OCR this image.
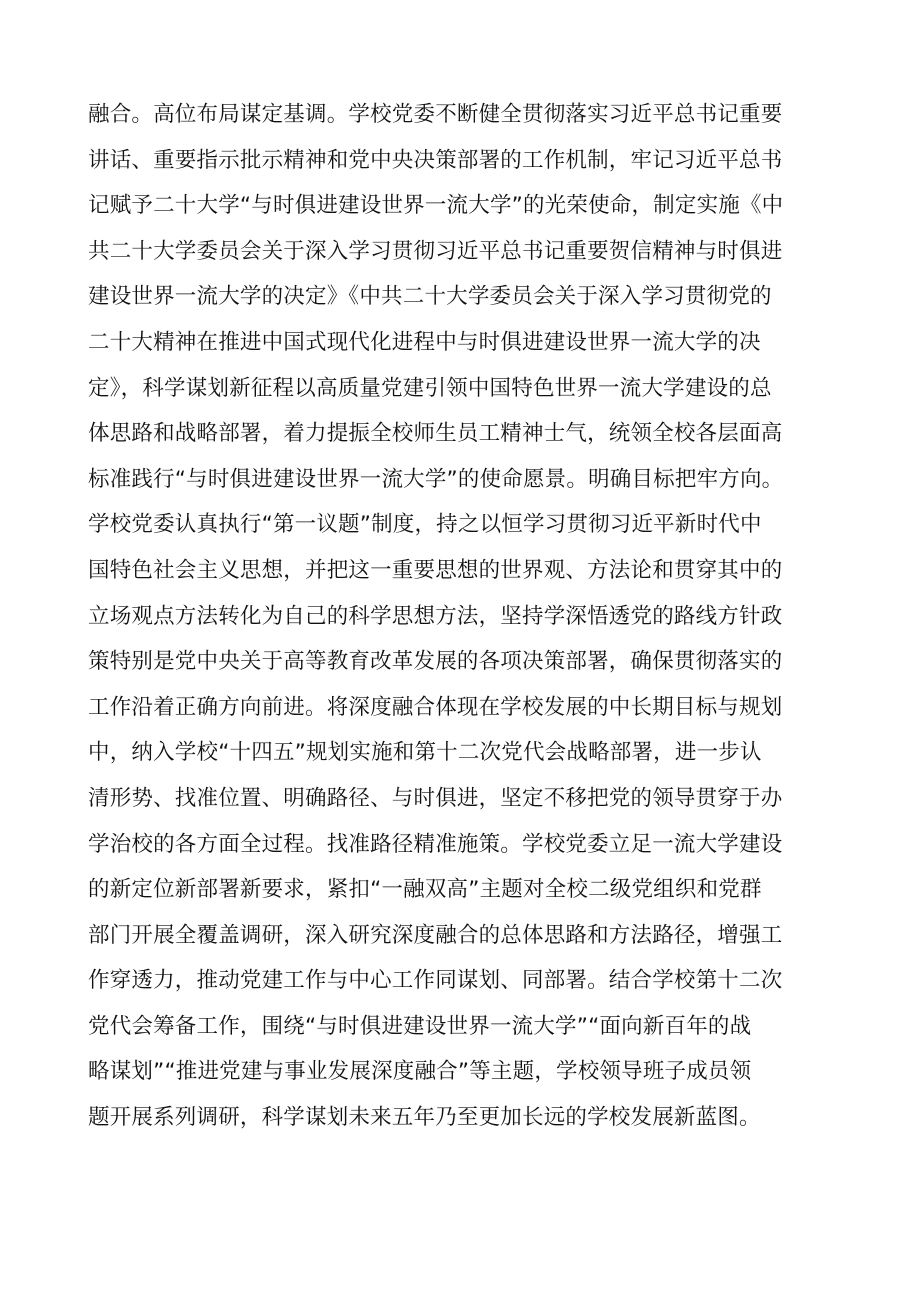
融合。高位布局谋定基调。学校党委不断健全贯彻落实习近平总书记重要
讲话、重要指示批示精神和党中央决策部署的工作机制，牢记习近平总书
记赋予二十大学“与时俱进建设世界一流大学”的光荣使命，制定实施《中
共二十大学委员会关于深入学习贯彻习近平总书记重要贺信精神与时俱进
建设世界一流大学的决定》《中共二十大学委员会关于深入学习贯彻党的
二十大精神在推进中国式现代化进程中与时俱进建设世界一流大学的决
定》，科学谋划新征程以高质量党建引领中国特色世界一流大学建设的总
体思路和战略部署，着力提振全校师生员工精神士气，统领全校各层面高
标准践行“与时俱进建设世界一流大学”的使命愿景。明确目标把牢方向。
学校党委认真执行“第一议题”制度，持之以恒学习贯彻习近平新时代中
国特色社会主义思想，并把这一重要思想的世界观、方法论和贯穿其中的
立场观点方法转化为自己的科学思想方法，坚持学深悟透党的路线方针政
策特别是党中央关于高等教育改革发展的各项决策部署，确保贯彻落实的
工作沿着正确方向前进。将深度融合体现在学校发展的中长期目标与规划
中，纳入学校“十四五”规划实施和第十二次党代会战略部署，进一步认
清形势、找准位置、明确路径、与时俱进，坚定不移把党的领导贯穿于办
学治校的各方面全过程。找准路径精准施策。学校党委立足一流大学建设
的新定位新部署新要求，紧扣“一融双高”主题对全校二级党组织和党群
部门开展全覆盖调研，深入研究深度融合的总体思路和方法路径，增强工
作穿透力，推动党建工作与中心工作同谋划、同部署。结合学校第十二次
党代会筹备工作，围绕“与时俱进建设世界一流大学”“面向新百年的战
略谋划”“推进党建与事业发展深度融合”等主题，学校领导班子成员领
题开展系列调研，科学谋划未来五年乃至更加长远的学校发展新蓝图。
